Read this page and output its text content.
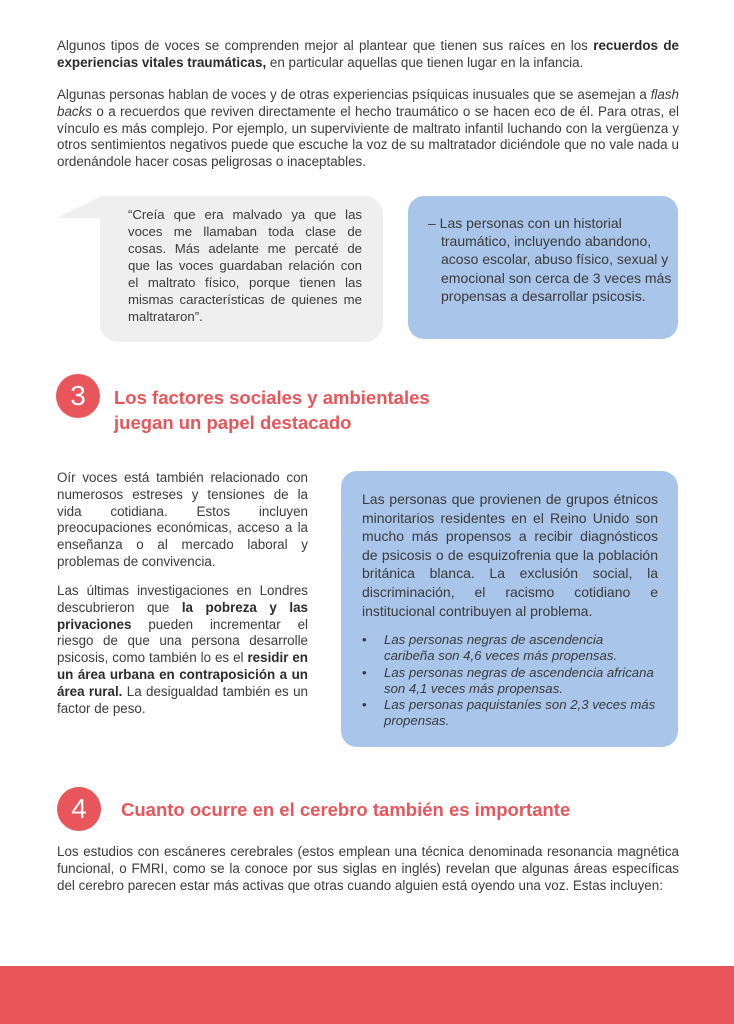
Algunos tipos de voces se comprenden mejor al plantear que tienen sus raíces en los recuerdos de experiencias vitales traumáticas, en particular aquellas que tienen lugar en la infancia.

Algunas personas hablan de voces y de otras experiencias psíquicas inusuales que se asemejan a flash backs o a recuerdos que reviven directamente el hecho traumático o se hacen eco de él. Para otras, el vínculo es más complejo. Por ejemplo, un superviviente de maltrato infantil luchando con la vergüenza y otros sentimientos negativos puede que escuche la voz de su maltratador diciéndole que no vale nada u ordenándole hacer cosas peligrosas o inaceptables.

“Creía que era malvado ya que las voces me llamaban toda clase de cosas. Más adelante me percaté de que las voces guardaban relación con el maltrato físico, porque tienen las mismas características de quienes me maltrataron”.
– Las personas con un historial traumático, incluyendo abandono, acoso escolar, abuso físico, sexual y emocional son cerca de 3 veces más propensas a desarrollar psicosis.
3	Los factores sociales y ambientales
juegan un papel destacado

Oír voces está también relacionado con numerosos estreses y tensiones de la vida cotidiana. Estos incluyen preocupaciones económicas, acceso a la enseñanza o al mercado laboral y problemas de convivencia.

Las últimas investigaciones en Londres descubrieron que la pobreza y las privaciones pueden incrementar el riesgo de que una persona desarrolle psicosis, como también lo es el residir en un área urbana en contraposición a un área rural. La desigualdad también es un factor de peso.

Las personas que provienen de grupos étnicos minoritarios residentes en el Reino Unido son mucho más propensos a recibir diagnósticos de psicosis o de esquizofrenia que la población británica blanca. La exclusión social, la discriminación, el racismo cotidiano e institucional contribuyen al problema.
• Las personas negras de ascendencia caribeña son 4,6 veces más propensas.
• Las personas negras de ascendencia africana son 4,1 veces más propensas.
• Las personas paquistaníes son 2,3 veces más propensas.
4	Cuanto ocurre en el cerebro también es importante

Los estudios con escáneres cerebrales (estos emplean una técnica denominada resonancia magnética funcional, o FMRI, como se la conoce por sus siglas en inglés) revelan que algunas áreas específicas del cerebro parecen estar más activas que otras cuando alguien está oyendo una voz. Estas incluyen:
